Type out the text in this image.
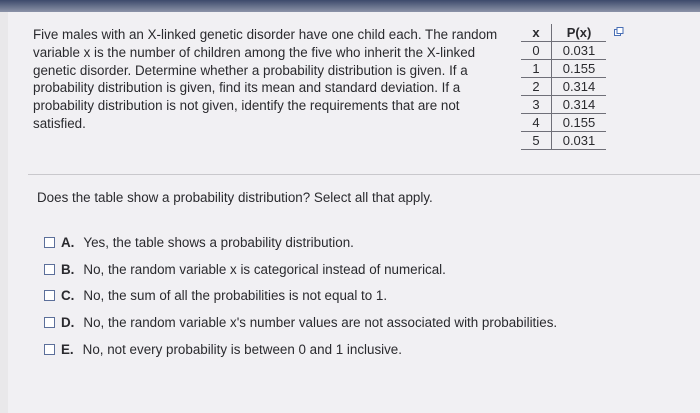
Five males with an X-linked genetic disorder have one child each. The random variable x is the number of children among the five who inherit the X-linked genetic disorder. Determine whether a probability distribution is given. If a probability distribution is given, find its mean and standard deviation. If a probability distribution is not given, identify the requirements that are not satisfied.
x	P(x)
0	0.031
1	0.155
2	0.314
3	0.314
4	0.155
5	0.031
Does the table show a probability distribution? Select all that apply.
A. Yes, the table shows a probability distribution.
B. No, the random variable x is categorical instead of numerical.
C. No, the sum of all the probabilities is not equal to 1.
D. No, the random variable x's number values are not associated with probabilities.
E. No, not every probability is between 0 and 1 inclusive.
